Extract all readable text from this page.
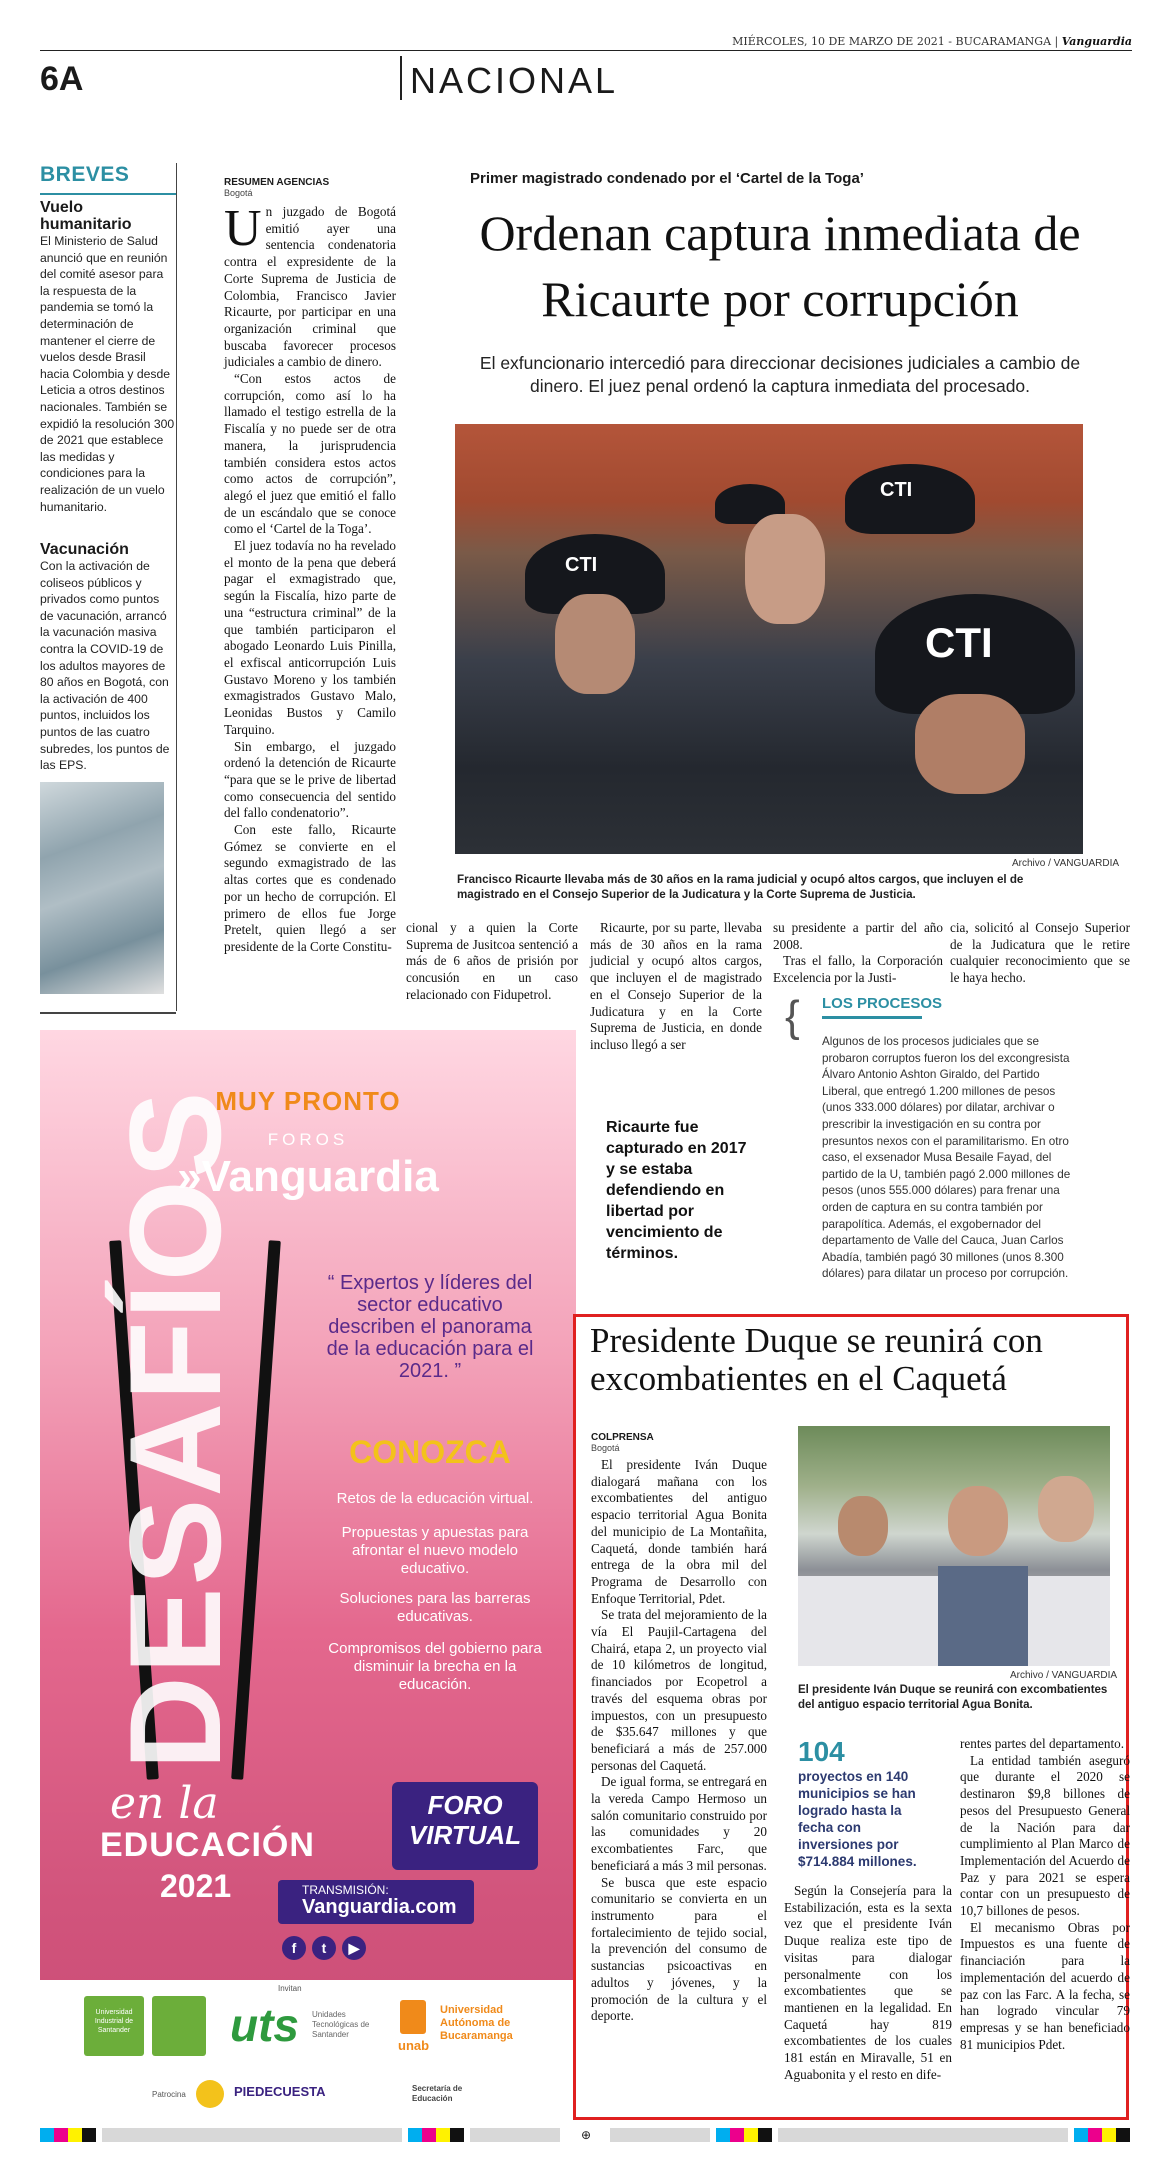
MIÉRCOLES, 10 DE MARZO DE 2021 - BUCARAMANGA | Vanguardia
6A	NACIONAL
BREVES
Vuelo humanitario

El Ministerio de Salud anunció que en reunión del comité asesor para la respuesta de la pandemia se tomó la determinación de mantener el cierre de vuelos desde Brasil hacia Colombia y desde Leticia a otros destinos nacionales. También se expidió la resolución 300 de 2021 que establece las medidas y condiciones para la realización de un vuelo humanitario.

Vacunación

Con la activación de coliseos públicos y privados como puntos de vacunación, arrancó la vacunación masiva contra la COVID-19 de los adultos mayores de 80 años en Bogotá, con la activación de 400 puntos, incluidos los puntos de las cuatro subredes, los puntos de las EPS.

Primer magistrado condenado por el ‘Cartel de la Toga’
Ordenan captura inmediata de Ricaurte por corrupción
El exfuncionario intercedió para direccionar decisiones judiciales a cambio de dinero. El juez penal ordenó la captura inmediata del procesado.
CTI
CTI
CTI
Archivo / VANGUARDIA
Francisco Ricaurte llevaba más de 30 años en la rama judicial y ocupó altos cargos, que incluyen el de magistrado en el Consejo Superior de la Judicatura y la Corte Suprema de Justicia.
RESUMEN AGENCIAS
Bogotá

Un juzgado de Bogotá emitió ayer una sentencia condenatoria contra el expresidente de la Corte Suprema de Justicia de Colombia, Francisco Javier Ricaurte, por participar en una organización criminal que buscaba favorecer procesos judiciales a cambio de dinero.

“Con estos actos de corrupción, como así lo ha llamado el testigo estrella de la Fiscalía y no puede ser de otra manera, la jurisprudencia también considera estos actos como actos de corrupción”, alegó el juez que emitió el fallo de un escándalo que se conoce como el ‘Cartel de la Toga’.

El juez todavía no ha revelado el monto de la pena que deberá pagar el exmagistrado que, según la Fiscalía, hizo parte de una “estructura criminal” de la que también participaron el abogado Leonardo Luis Pinilla, el exfiscal anticorrupción Luis Gustavo Moreno y los también exmagistrados Gustavo Malo, Leonidas Bustos y Camilo Tarquino.

Sin embargo, el juzgado ordenó la detención de Ricaurte “para que se le prive de libertad como consecuencia del sentido del fallo condenatorio”.

Con este fallo, Ricaurte Gómez se convierte en el segundo exmagistrado de las altas cortes que es condenado por un hecho de corrupción. El primero de ellos fue Jorge Pretelt, quien llegó a ser presidente de la Corte Constitu-

cional y a quien la Corte Suprema de Jusitcoa sentenció a más de 6 años de prisión por concusión en un caso relacionado con Fidupetrol.

Ricaurte, por su parte, llevaba más de 30 años en la rama judicial y ocupó altos cargos, que incluyen el de magistrado en el Consejo Superior de la Judicatura y en la Corte Suprema de Justicia, en donde incluso llegó a ser

su presidente a partir del año 2008.

Tras el fallo, la Corporación Excelencia por la Justi-

cia, solicitó al Consejo Superior de la Judicatura que le retire cualquier reconocimiento que se le haya hecho.

{ LOS PROCESOS
Algunos de los procesos judiciales que se probaron corruptos fueron los del excongresista Álvaro Antonio Ashton Giraldo, del Partido Liberal, que entregó 1.200 millones de pesos (unos 333.000 dólares) por dilatar, archivar o prescribir la investigación en su contra por presuntos nexos con el paramilitarismo. En otro caso, el exsenador Musa Besaile Fayad, del partido de la U, también pagó 2.000 millones de pesos (unos 555.000 dólares) para frenar una orden de captura en su contra también por parapolítica. Además, el exgobernador del departamento de Valle del Cauca, Juan Carlos Abadía, también pagó 30 millones (unos 8.300 dólares) para dilatar un proceso por corrupción.
Ricaurte fue capturado en 2017 y se estaba defendiendo en libertad por vencimiento de términos.
MUY PRONTO
FOROS
»Vanguardia
DESAFÍOS	“ Expertos y líderes del sector educativo describen el panorama de la educación para el 2021. ”
CONOZCA
Retos de la educación virtual.
Propuestas y apuestas para afrontar el nuevo modelo educativo.
Soluciones para las barreras educativas.
Compromisos del gobierno para disminuir la brecha en la educación.
en la
EDUCACIÓN
2021
FORO VIRTUAL
TRANSMISIÓN:
Vanguardia.com
f	t	▶
Invitan
Universidad Industrial de Santander uts Unidades Tecnológicas de Santander
unab
Universidad Autónoma de Bucaramanga
Patrocina	PIEDECUESTA	Secretaría de Educación
Presidente Duque se reunirá con excombatientes en el Caquetá
COLPRENSA
Bogotá

El presidente Iván Duque dialogará mañana con los excombatientes del antiguo espacio territorial Agua Bonita del municipio de La Montañita, Caquetá, donde también hará entrega de la obra mil del Programa de Desarrollo con Enfoque Territorial, Pdet.

Se trata del mejoramiento de la vía El Paujil-Cartagena del Chairá, etapa 2, un proyecto vial de 10 kilómetros de longitud, financiados por Ecopetrol a través del esquema obras por impuestos, con un presupuesto de $35.647 millones y que beneficiará a más de 257.000 personas del Caquetá.

De igual forma, se entregará en la vereda Campo Hermoso un salón comunitario construido por las comunidades y 20 excombatientes Farc, que beneficiará a más 3 mil personas.

Se busca que este espacio comunitario se convierta en un instrumento para el fortalecimiento de tejido social, la prevención del consumo de sustancias psicoactivas en adultos y jóvenes, y la promoción de la cultura y el deporte.

Archivo / VANGUARDIA
El presidente Iván Duque se reunirá con excombatientes del antiguo espacio territorial Agua Bonita.
104
proyectos en 140 municipios se han logrado hasta la fecha con inversiones por $714.884 millones.

Según la Consejería para la Estabilización, esta es la sexta vez que el presidente Iván Duque realiza este tipo de visitas para dialogar personalmente con los excombatientes que se mantienen en la legalidad. En Caquetá hay 819 excombatientes de los cuales 181 están en Miravalle, 51 en Aguabonita y el resto en dife-

rentes partes del departamento.

La entidad también aseguró que durante el 2020 se destinaron $9,8 billones de pesos del Presupuesto General de la Nación para dar cumplimiento al Plan Marco de Implementación del Acuerdo de Paz y para 2021 se espera contar con un presupuesto de 10,7 billones de pesos.

El mecanismo Obras por Impuestos es una fuente de financiación para la implementación del acuerdo de paz con las Farc. A la fecha, se han logrado vincular 79 empresas y se han beneficiado 81 municipios Pdet.

⊕
